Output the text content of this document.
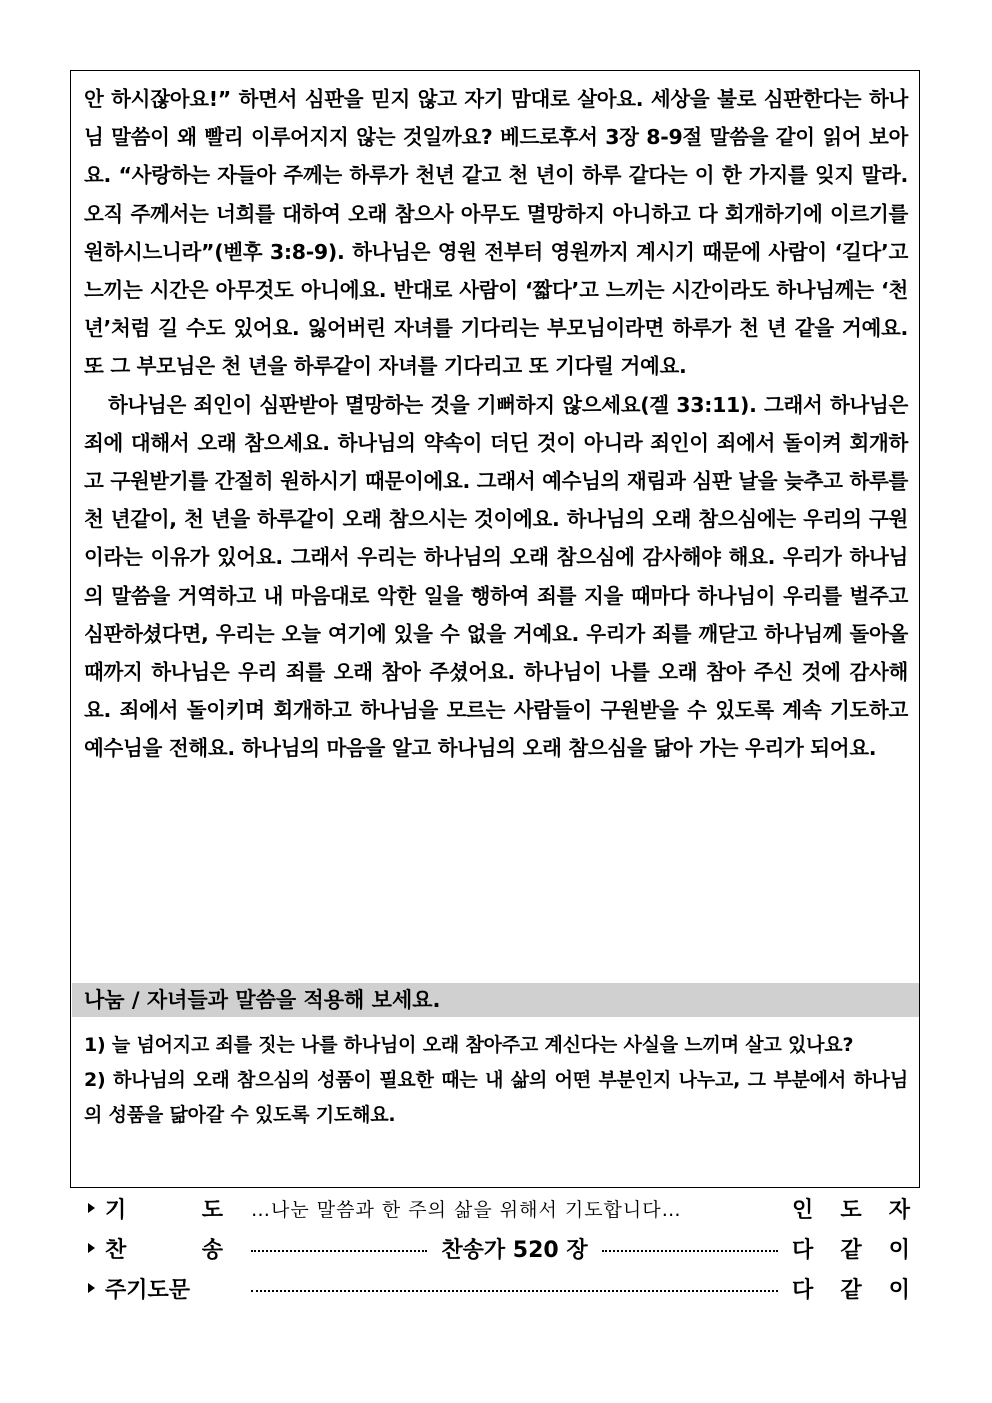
안 하시잖아요!” 하면서 심판을 믿지 않고 자기 맘대로 살아요. 세상을 불로 심판한다는 하나님 말씀이 왜 빨리 이루어지지 않는 것일까요? 베드로후서 3장 8-9절 말씀을 같이 읽어 보아요. “사랑하는 자들아 주께는 하루가 천년 같고 천 년이 하루 같다는 이 한 가지를 잊지 말라. 오직 주께서는 너희를 대하여 오래 참으사 아무도 멸망하지 아니하고 다 회개하기에 이르기를 원하시느니라”(벧후 3:8-9). 하나님은 영원 전부터 영원까지 계시기 때문에 사람이 ‘길다’고 느끼는 시간은 아무것도 아니에요. 반대로 사람이 ‘짧다’고 느끼는 시간이라도 하나님께는 ‘천 년’처럼 길 수도 있어요. 잃어버린 자녀를 기다리는 부모님이라면 하루가 천 년 같을 거예요. 또 그 부모님은 천 년을 하루같이 자녀를 기다리고 또 기다릴 거예요.

하나님은 죄인이 심판받아 멸망하는 것을 기뻐하지 않으세요(겔 33:11). 그래서 하나님은 죄에 대해서 오래 참으세요. 하나님의 약속이 더딘 것이 아니라 죄인이 죄에서 돌이켜 회개하고 구원받기를 간절히 원하시기 때문이에요. 그래서 예수님의 재림과 심판 날을 늦추고 하루를 천 년같이, 천 년을 하루같이 오래 참으시는 것이에요. 하나님의 오래 참으심에는 우리의 구원이라는 이유가 있어요. 그래서 우리는 하나님의 오래 참으심에 감사해야 해요. 우리가 하나님의 말씀을 거역하고 내 마음대로 악한 일을 행하여 죄를 지을 때마다 하나님이 우리를 벌주고 심판하셨다면, 우리는 오늘 여기에 있을 수 없을 거예요. 우리가 죄를 깨닫고 하나님께 돌아올 때까지 하나님은 우리 죄를 오래 참아 주셨어요. 하나님이 나를 오래 참아 주신 것에 감사해요. 죄에서 돌이키며 회개하고 하나님을 모르는 사람들이 구원받을 수 있도록 계속 기도하고 예수님을 전해요. 하나님의 마음을 알고 하나님의 오래 참으심을 닮아 가는 우리가 되어요.

나눔 / 자녀들과 말씀을 적용해 보세요.

1) 늘 넘어지고 죄를 짓는 나를 하나님이 오래 참아주고 계신다는 사실을 느끼며 살고 있나요?

2) 하나님의 오래 참으심의 성품이 필요한 때는 내 삶의 어떤 부분인지 나누고, 그 부분에서 하나님의 성품을 닮아갈 수 있도록 기도해요.

기	도 …나눈 말씀과 한 주의 삶을 위해서 기도합니다…	인 도 자
찬	송	찬송가 520 장	다 같 이
주기도문	다 같 이
